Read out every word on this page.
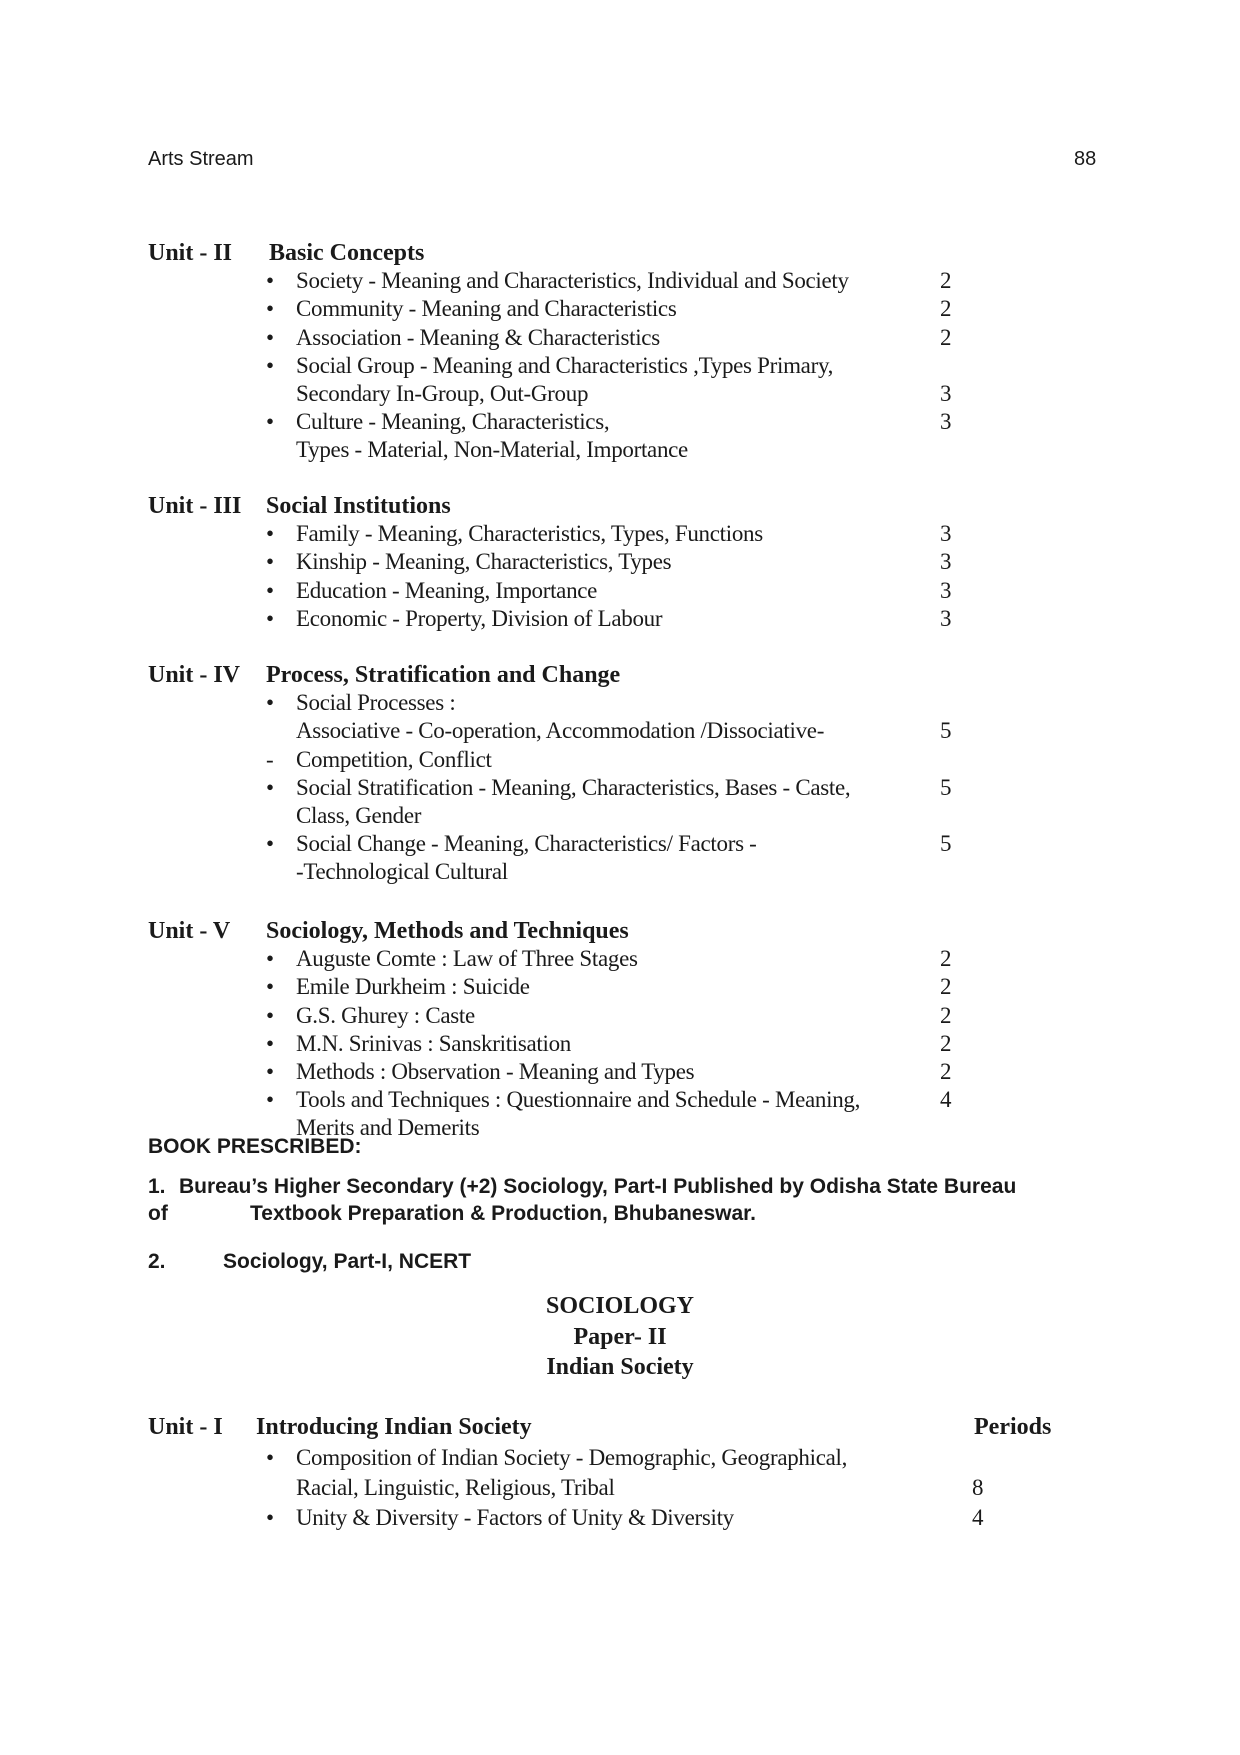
Arts Stream	88
Unit - II Basic Concepts
• Society - Meaning and Characteristics, Individual and Society	2
• Community - Meaning and Characteristics	2
• Association - Meaning & Characteristics	2
• Social Group - Meaning and Characteristics ,Types Primary,
Secondary In-Group, Out-Group	3
• Culture - Meaning, Characteristics,	3
Types - Material, Non-Material, Importance
Unit - III Social Institutions
• Family - Meaning, Characteristics, Types, Functions	3
• Kinship - Meaning, Characteristics, Types	3
• Education - Meaning, Importance	3
• Economic - Property, Division of Labour	3
Unit - IV Process, Stratification and Change
• Social Processes :
Associative - Co-operation, Accommodation /Dissociative-	5
- Competition, Conflict
• Social Stratification - Meaning, Characteristics, Bases - Caste,	5
Class, Gender
• Social Change - Meaning, Characteristics/ Factors -	5
-Technological Cultural
Unit - V Sociology, Methods and Techniques
• Auguste Comte : Law of Three Stages	2
• Emile Durkheim : Suicide	2
• G.S. Ghurey : Caste	2
• M.N. Srinivas : Sanskritisation	2
• Methods : Observation - Meaning and Types	2
• Tools and Techniques : Questionnaire and Schedule - Meaning,	4
Merits and Demerits
BOOK PRESCRIBED:
1. Bureau’s Higher Secondary (+2) Sociology, Part-I Published by Odisha State Bureau
of	Textbook Preparation & Production, Bhubaneswar.
2.	Sociology, Part-I, NCERT
SOCIOLOGY
Paper- II
Indian Society
Unit - I Introducing Indian Society	Periods
• Composition of Indian Society - Demographic, Geographical,
Racial, Linguistic, Religious, Tribal	8
• Unity & Diversity - Factors of Unity & Diversity	4
